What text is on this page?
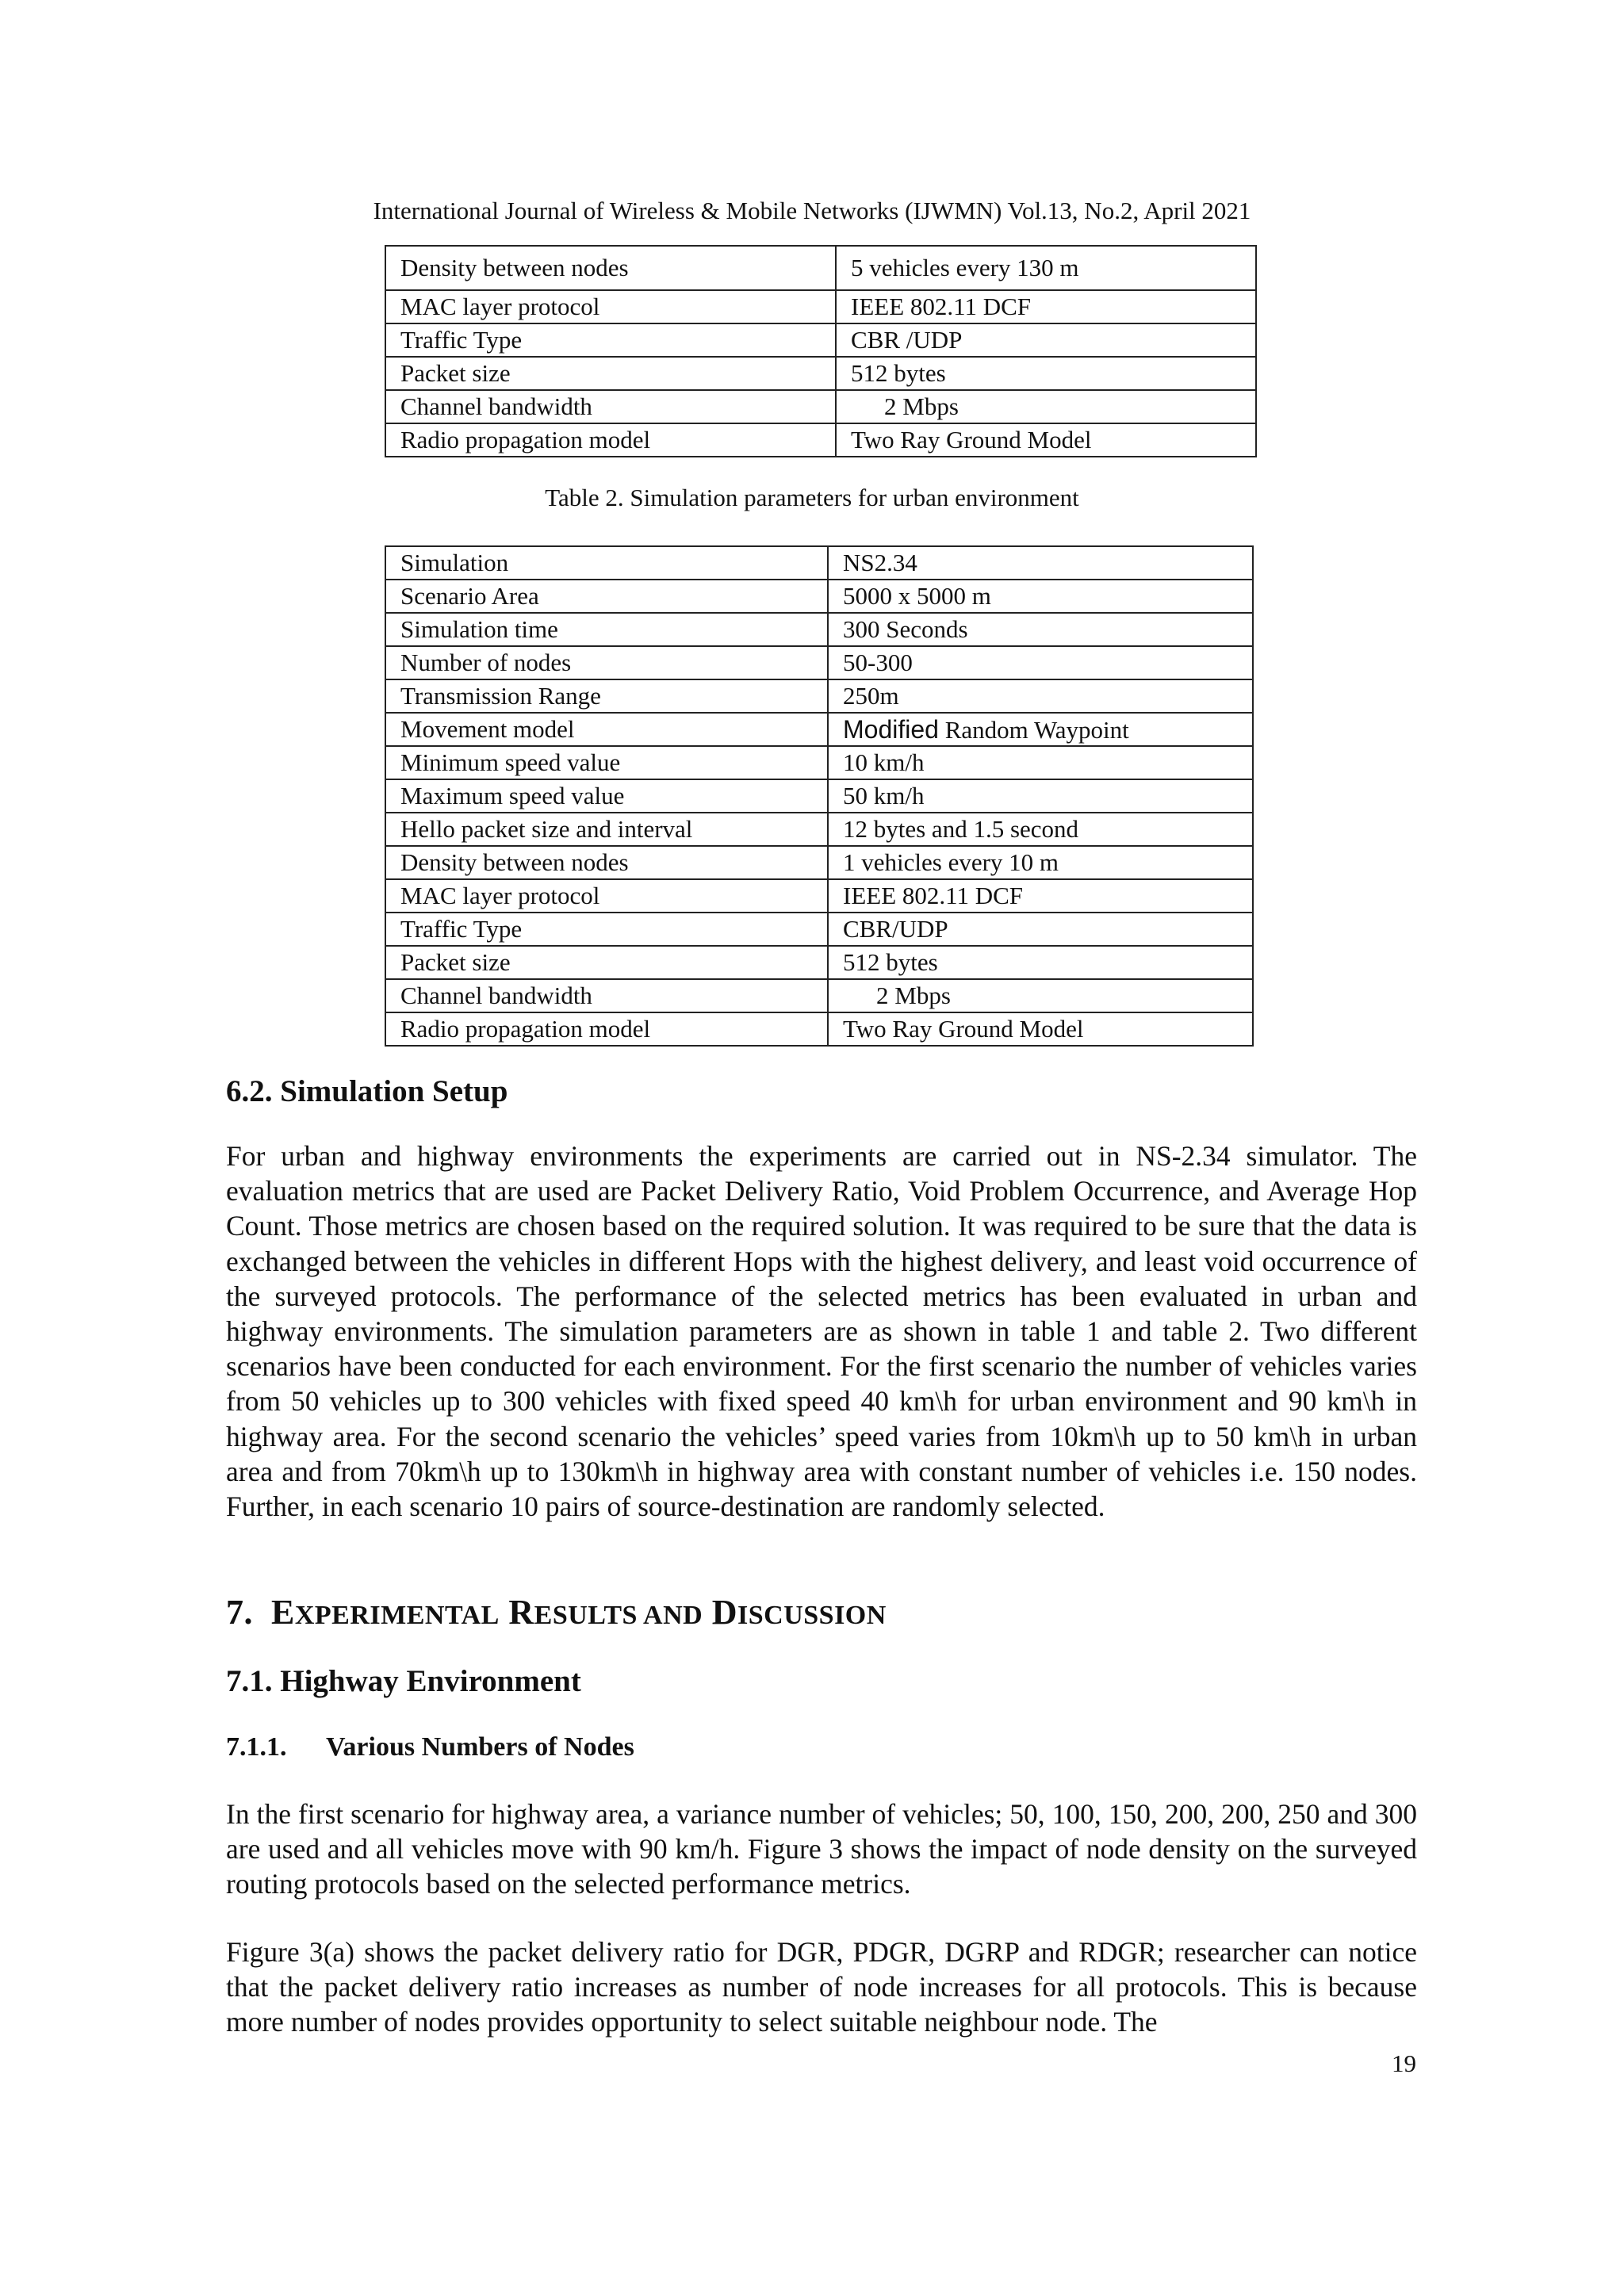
International Journal of Wireless & Mobile Networks (IJWMN) Vol.13, No.2, April 2021
Density between nodes	5 vehicles every 130 m
MAC layer protocol	IEEE 802.11 DCF
Traffic Type	CBR /UDP
Packet size	512 bytes
Channel bandwidth	2 Mbps
Radio propagation model	Two Ray Ground Model
Table 2. Simulation parameters for urban environment
Simulation	NS2.34
Scenario Area	5000 x 5000 m
Simulation time	300 Seconds
Number of nodes	50-300
Transmission Range	250m
Movement model	Modified Random Waypoint
Minimum speed value	10 km/h
Maximum speed value	50 km/h
Hello packet size and interval	12 bytes and 1.5 second
Density between nodes	1 vehicles every 10 m
MAC layer protocol	IEEE 802.11 DCF
Traffic Type	CBR/UDP
Packet size	512 bytes
Channel bandwidth	2 Mbps
Radio propagation model	Two Ray Ground Model
6.2. Simulation Setup

For urban and highway environments the experiments are carried out in NS-2.34 simulator. The evaluation metrics that are used are Packet Delivery Ratio, Void Problem Occurrence, and Average Hop Count. Those metrics are chosen based on the required solution. It was required to be sure that the data is exchanged between the vehicles in different Hops with the highest delivery, and least void occurrence of the surveyed protocols. The performance of the selected metrics has been evaluated in urban and highway environments. The simulation parameters are as shown in table 1 and table 2. Two different scenarios have been conducted for each environment. For the first scenario the number of vehicles varies from 50 vehicles up to 300 vehicles with fixed speed 40 km\h for urban environment and 90 km\h in highway area. For the second scenario the vehicles’ speed varies from 10km\h up to 50 km\h in urban area and from 70km\h up to 130km\h in highway area with constant number of vehicles i.e. 150 nodes. Further, in each scenario 10 pairs of source-destination are randomly selected.

7. EXPERIMENTAL RESULTS AND DISCUSSION
7.1. Highway Environment
7.1.1. Various Numbers of Nodes

In the first scenario for highway area, a variance number of vehicles; 50, 100, 150, 200, 200, 250 and 300 are used and all vehicles move with 90 km/h. Figure 3 shows the impact of node density on the surveyed routing protocols based on the selected performance metrics.

Figure 3(a) shows the packet delivery ratio for DGR, PDGR, DGRP and RDGR; researcher can notice that the packet delivery ratio increases as number of node increases for all protocols. This is because more number of nodes provides opportunity to select suitable neighbour node. The

19
